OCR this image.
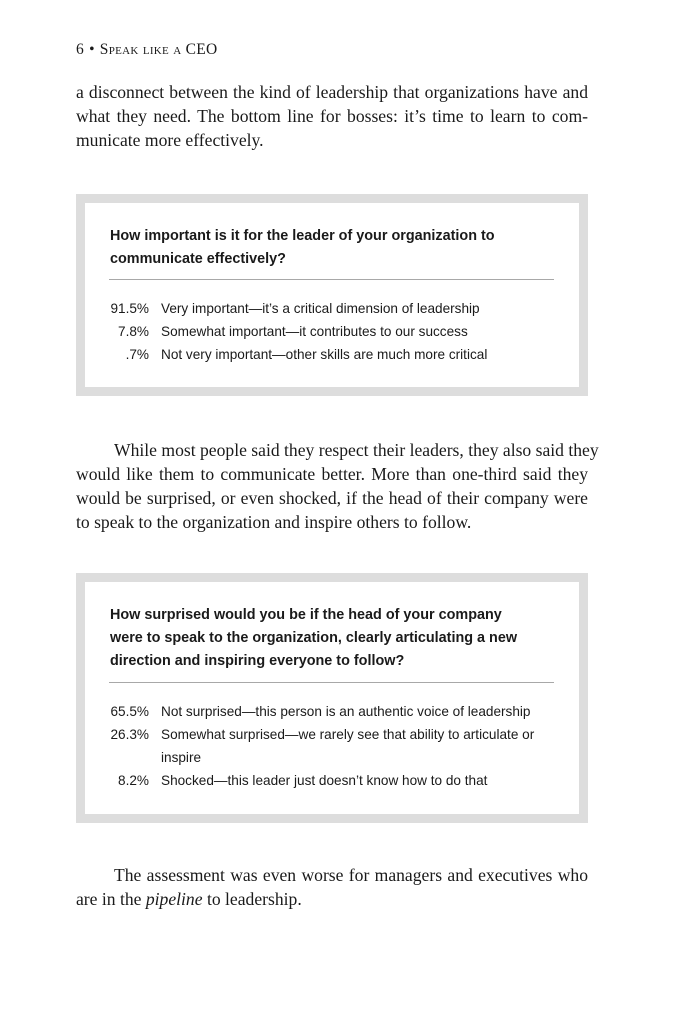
6 • Speak like a CEO

a disconnect between the kind of leadership that organizations have and
what they need. The bottom line for bosses: it’s time to learn to com-
municate more effectively.

How important is it for the leader of your organization to
communicate effectively?
91.5% Very important—it’s a critical dimension of leadership
7.8% Somewhat important—it contributes to our success
.7% Not very important—other skills are much more critical

While most people said they respect their leaders, they also said they
would like them to communicate better. More than one-third said they
would be surprised, or even shocked, if the head of their company were
to speak to the organization and inspire others to follow.

How surprised would you be if the head of your company
were to speak to the organization, clearly articulating a new
direction and inspiring everyone to follow?
65.5% Not surprised—this person is an authentic voice of leadership
26.3% Somewhat surprised—we rarely see that ability to articulate or inspire
8.2% Shocked—this leader just doesn’t know how to do that

The assessment was even worse for managers and executives who
are in the pipeline to leadership.
